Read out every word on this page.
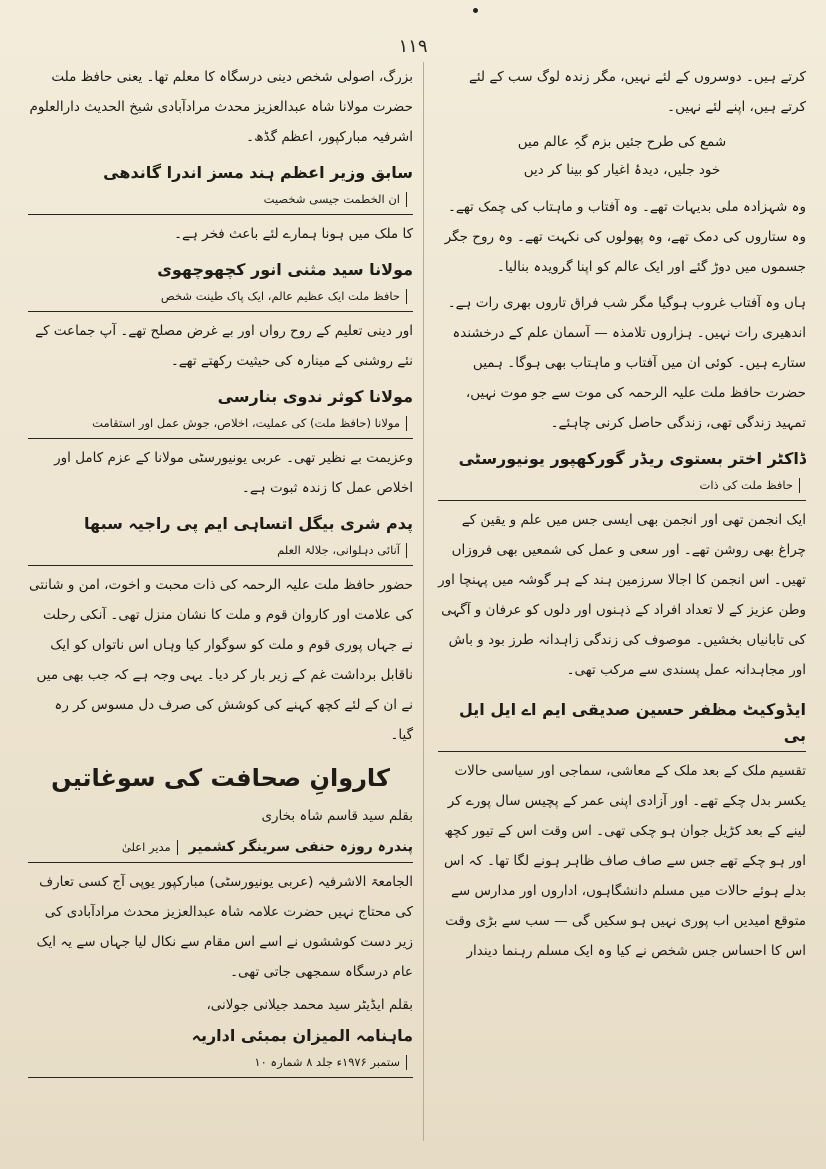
۱۱۹

کرتے ہیں۔ دوسروں کے لئے نہیں، مگر زندہ لوگ سب کے لئے

کرتے ہیں، اپنے لئے نہیں۔

شمع کی طرح جئیں بزم گہِ عالم میں

خود جلیں، دیدۂ اغیار کو بینا کر دیں

وہ شہزادہ ملی بدیہات تھے۔ وہ آفتاب و ماہتاب کی چمک تھے۔ وہ ستاروں کی دمک تھے، وہ پھولوں کی نکہت تھے۔ وہ روح جگر جسموں میں دوڑ گئے اور ایک عالم کو اپنا گرویدہ بنالیا۔

ہاں وہ آفتاب غروب ہوگیا مگر شب فراق تاروں بھری رات ہے۔ اندھیری رات نہیں۔ ہزاروں تلامذہ — آسمان علم کے درخشندہ ستارے ہیں۔ کوئی ان میں آفتاب و ماہتاب بھی ہوگا۔ ہمیں حضرت حافظ ملت علیہ الرحمہ کی موت سے جو موت نہیں، تمہید زندگی تھی، زندگی حاصل کرنی چاہئے۔

ڈاکٹر اختر بستوی ریڈر گورکھپور یونیورسٹی حافظ ملت کی ذات

ایک انجمن تھی اور انجمن بھی ایسی جس میں علم و یقین کے چراغ بھی روشن تھے۔ اور سعی و عمل کی شمعیں بھی فروزاں تھیں۔ اس انجمن کا اجالا سرزمین ہند کے ہر گوشہ میں پہنچا اور وطن عزیز کے لا تعداد افراد کے ذہنوں اور دلوں کو عرفان و آگہی کی تابانیاں بخشیں۔ موصوف کی زندگی زاہدانہ طرز بود و باش اور مجاہدانہ عمل پسندی سے مرکب تھی۔

ایڈوکیٹ مظفر حسین صدیقی ایم اے ایل ایل بی

تقسیم ملک کے بعد ملک کے معاشی، سماجی اور سیاسی حالات یکسر بدل چکے تھے۔ اور آزادی اپنی عمر کے پچیس سال پورے کر لینے کے بعد کڑیل جوان ہو چکی تھی۔ اس وقت اس کے تیور کچھ اور ہو چکے تھے جس سے صاف صاف ظاہر ہونے لگا تھا۔ کہ اس بدلے ہوئے حالات میں مسلم دانشگاہوں، اداروں اور مدارس سے متوقع امیدیں اب پوری نہیں ہو سکیں گی — سب سے بڑی وقت اس کا احساس جس شخص نے کیا وہ ایک مسلم رہنما دیندار

بزرگ، اصولی شخص دینی درسگاہ کا معلم تھا۔ یعنی حافظ ملت حضرت مولانا شاہ عبدالعزیز محدث مرادآبادی شیخ الحدیث دارالعلوم اشرفیہ مبارکپور، اعظم گڈھ۔

سابق وزیر اعظم ہند مسز اندرا گاندھی ان الخطمت جیسی شخصیت

کا ملک میں ہونا ہمارے لئے باعث فخر ہے۔

مولانا سید مثنی انور کچھوچھوی حافظ ملت ایک عظیم عالم، ایک پاک طینت شخص

اور دینی تعلیم کے روح رواں اور بے غرض مصلح تھے۔ آپ جماعت کے نئے روشنی کے مینارہ کی حیثیت رکھتے تھے۔

مولانا کوثر ندوی بنارسی مولانا (حافظ ملت) کی عملیت، اخلاص، جوش عمل اور استقامت

وعزیمت بے نظیر تھی۔ عربی یونیورسٹی مولانا کے عزم کامل اور اخلاص عمل کا زندہ ثبوت ہے۔

پدم شری بیگل اتساہی ایم پی راجیہ سبھا آنائی دہلوانی، جلالۃ العلم

حضور حافظ ملت علیہ الرحمہ کی ذات محبت و اخوت، امن و شانتی کی علامت اور کاروان قوم و ملت کا نشان منزل تھی۔ آنکی رحلت نے جہاں پوری قوم و ملت کو سوگوار کیا وہاں اس ناتواں کو ایک ناقابل برداشت غم کے زیر بار کر دیا۔ یہی وجہ ہے کہ جب بھی میں نے ان کے لئے کچھ کہنے کی کوشش کی صرف دل مسوس کر رہ گیا۔

کاروانِ صحافت کی سوغاتیں

بقلم سید قاسم شاہ بخاری

پندرہ روزہ حنفی سرینگر کشمیر مدیر اعلیٰ

الجامعۃ الاشرفیہ (عربی یونیورسٹی) مبارکپور یوپی آج کسی تعارف کی محتاج نہیں حضرت علامہ شاہ عبدالعزیز محدث مرادآبادی کی زیر دست کوششوں نے اسے اس مقام سے نکال لیا جہاں سے یہ ایک عام درسگاہ سمجھی جاتی تھی۔

بقلم ایڈیٹر سید محمد جیلانی جولانی،

ماہنامہ المیزان بمبئی اداریہ ستمبر ۱۹۷۶ء جلد ۸ شمارہ ۱۰
